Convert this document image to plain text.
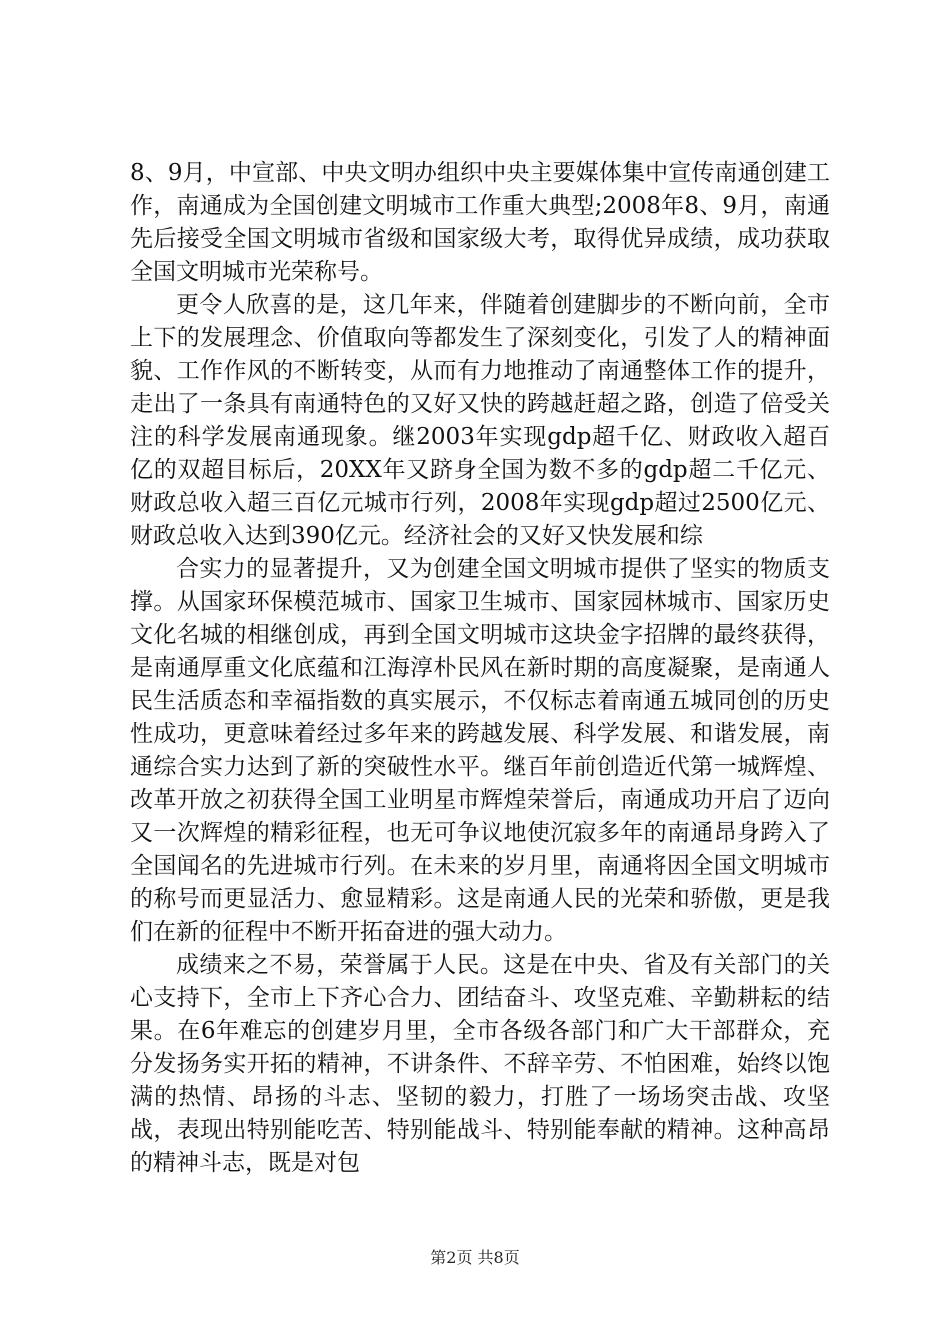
8、9月，中宣部、中央文明办组织中央主要媒体集中宣传南通创建工作，南通成为全国创建文明城市工作重大典型;2008年8、9月，南通先后接受全国文明城市省级和国家级大考，取得优异成绩，成功获取全国文明城市光荣称号。

更令人欣喜的是，这几年来，伴随着创建脚步的不断向前，全市上下的发展理念、价值取向等都发生了深刻变化，引发了人的精神面貌、工作作风的不断转变，从而有力地推动了南通整体工作的提升，走出了一条具有南通特色的又好又快的跨越赶超之路，创造了倍受关注的科学发展南通现象。继2003年实现gdp超千亿、财政收入超百亿的双超目标后，20XX年又跻身全国为数不多的gdp超二千亿元、财政总收入超三百亿元城市行列，2008年实现gdp超过2500亿元、财政总收入达到390亿元。经济社会的又好又快发展和综

合实力的显著提升，又为创建全国文明城市提供了坚实的物质支撑。从国家环保模范城市、国家卫生城市、国家园林城市、国家历史文化名城的相继创成，再到全国文明城市这块金字招牌的最终获得，是南通厚重文化底蕴和江海淳朴民风在新时期的高度凝聚，是南通人民生活质态和幸福指数的真实展示，不仅标志着南通五城同创的历史性成功，更意味着经过多年来的跨越发展、科学发展、和谐发展，南通综合实力达到了新的突破性水平。继百年前创造近代第一城辉煌、改革开放之初获得全国工业明星市辉煌荣誉后，南通成功开启了迈向又一次辉煌的精彩征程，也无可争议地使沉寂多年的南通昂身跨入了全国闻名的先进城市行列。在未来的岁月里，南通将因全国文明城市的称号而更显活力、愈显精彩。这是南通人民的光荣和骄傲，更是我们在新的征程中不断开拓奋进的强大动力。

成绩来之不易，荣誉属于人民。这是在中央、省及有关部门的关心支持下，全市上下齐心合力、团结奋斗、攻坚克难、辛勤耕耘的结果。在6年难忘的创建岁月里，全市各级各部门和广大干部群众，充分发扬务实开拓的精神，不讲条件、不辞辛劳、不怕困难，始终以饱满的热情、昂扬的斗志、坚韧的毅力，打胜了一场场突击战、攻坚战，表现出特别能吃苦、特别能战斗、特别能奉献的精神。这种高昂的精神斗志，既是对包

第2页 共8页
